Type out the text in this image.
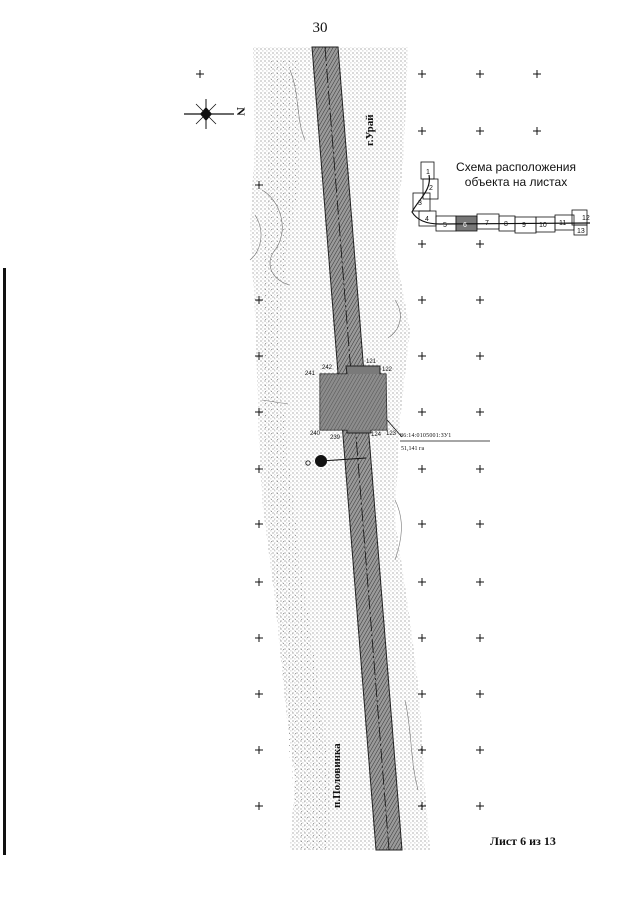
1
2
3
4
5 6	7 8 9 10 11
12
13
30
N
Схема расположения
объекта на листах
г.Урай
п.Половинка
86:14:0105001:ЗУ1
51,141 га
242
241
121
122
240
239	124 123
Лист 6 из 13
